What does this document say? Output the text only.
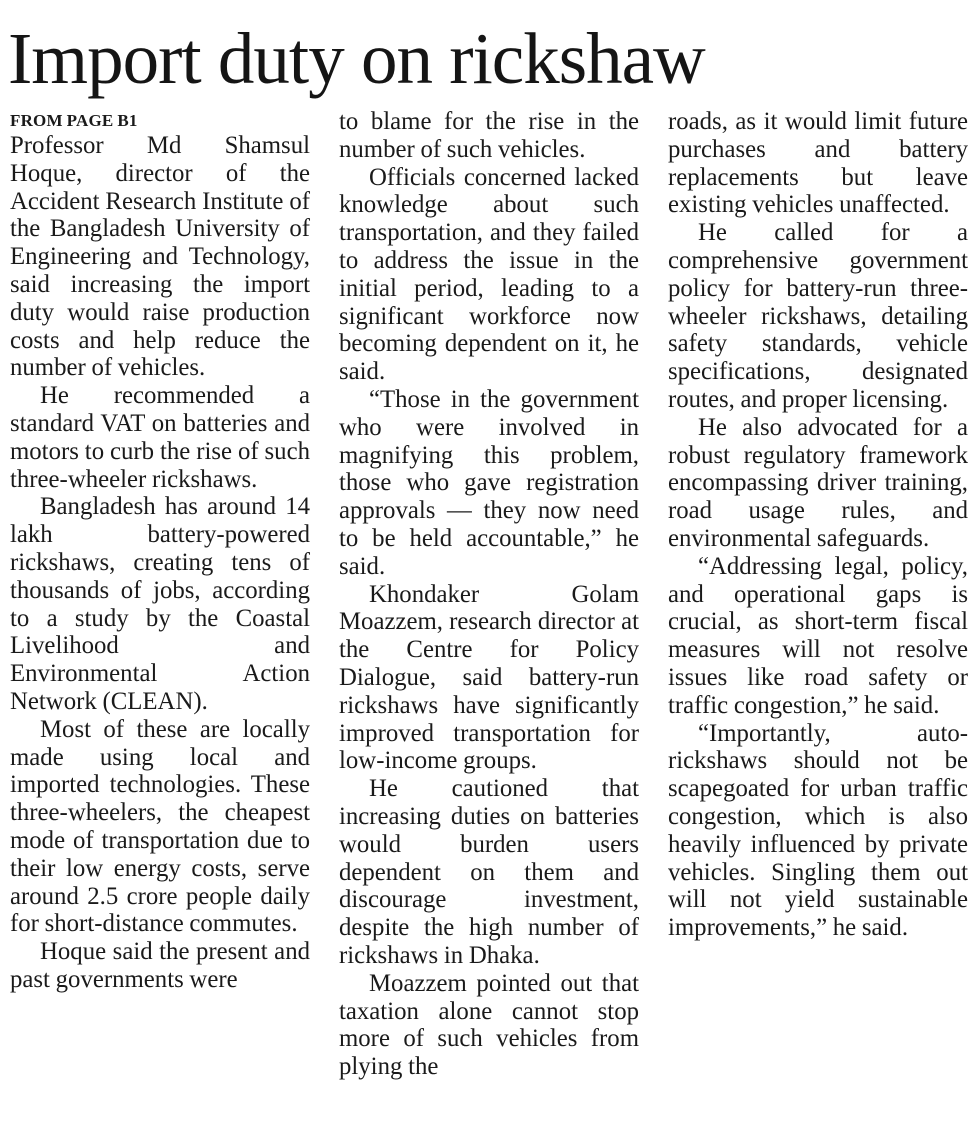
Import duty on rickshaw
FROM PAGE B1

Professor Md Shamsul Hoque, director of the Accident Research Institute of the Bangladesh University of Engineering and Technology, said increasing the import duty would raise production costs and help reduce the number of vehicles.

He recommended a standard VAT on batteries and motors to curb the rise of such three-wheeler rickshaws.

Bangladesh has around 14 lakh battery-powered rickshaws, creating tens of thousands of jobs, according to a study by the Coastal Livelihood and Environmental Action Network (CLEAN).

Most of these are locally made using local and imported technologies. These three-wheelers, the cheapest mode of transportation due to their low energy costs, serve around 2.5 crore people daily for short-distance commutes.

Hoque said the present and past governments were

to blame for the rise in the number of such vehicles.

Officials concerned lacked knowledge about such transportation, and they failed to address the issue in the initial period, leading to a significant workforce now becoming dependent on it, he said.

“Those in the government who were involved in magnifying this problem, those who gave registration approvals — they now need to be held accountable,” he said.

Khondaker Golam Moazzem, research director at the Centre for Policy Dialogue, said battery-run rickshaws have significantly improved transportation for low-income groups.

He cautioned that increasing duties on batteries would burden users dependent on them and discourage investment, despite the high number of rickshaws in Dhaka.

Moazzem pointed out that taxation alone cannot stop more of such vehicles from plying the

roads, as it would limit future purchases and battery replacements but leave existing vehicles unaffected.

He called for a comprehensive government policy for battery-run three-wheeler rickshaws, detailing safety standards, vehicle specifications, designated routes, and proper licensing.

He also advocated for a robust regulatory framework encompassing driver training, road usage rules, and environmental safeguards.

“Addressing legal, policy, and operational gaps is crucial, as short-term fiscal measures will not resolve issues like road safety or traffic congestion,” he said.

“Importantly, auto-rickshaws should not be scapegoated for urban traffic congestion, which is also heavily influenced by private vehicles. Singling them out will not yield sustainable improvements,” he said.
